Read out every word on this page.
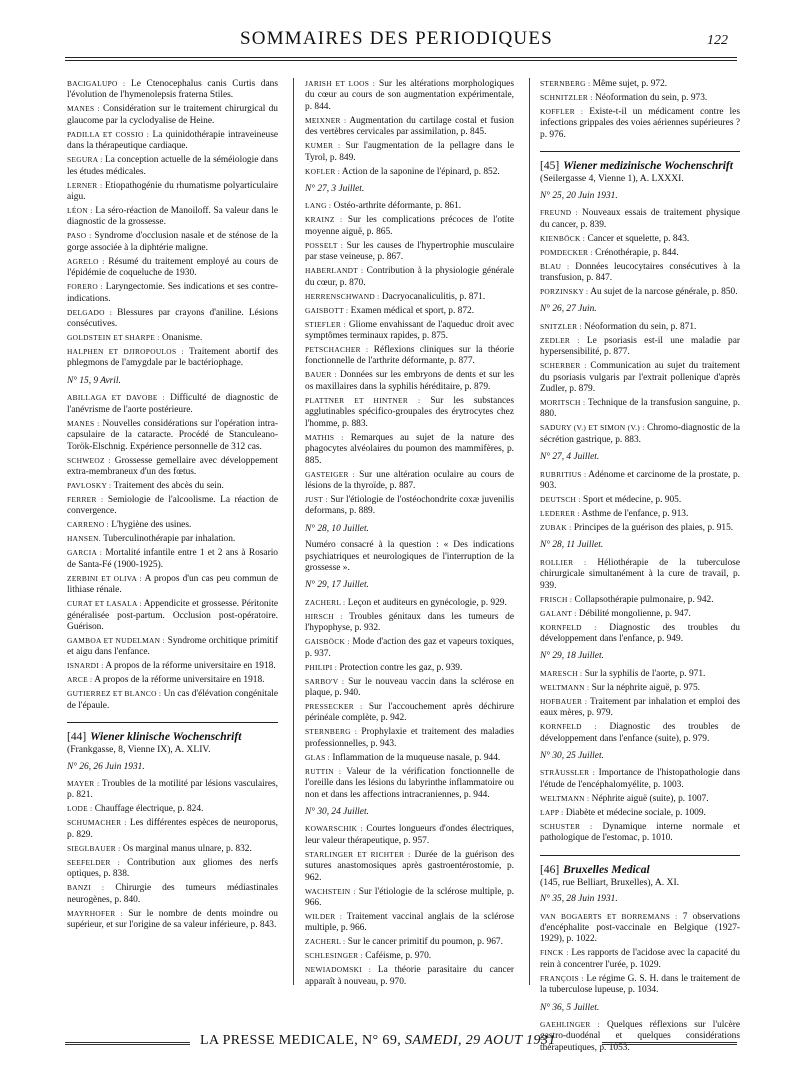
SOMMAIRES DES PERIODIQUES	122
BACIGALUPO : Le Ctenocephalus canis Curtis dans l'évolution de l'hymenolepsis fraterna Stiles.
MANES : Considération sur le traitement chirurgical du glaucome par la cyclodyalise de Heine.
PADILLA ET COSSIO : La quinidothérapie intraveineuse dans la thérapeutique cardiaque.
SEGURA : La conception actuelle de la séméiologie dans les études médicales.
LERNER : Etiopathogénie du rhumatisme polyarticulaire aigu.
LÉON : La séro-réaction de Manoiloff. Sa valeur dans le diagnostic de la grossesse.
PASO : Syndrome d'occlusion nasale et de sténose de la gorge associée à la diphtérie maligne.
AGRELO : Résumé du traitement employé au cours de l'épidémie de coqueluche de 1930.
FORERO : Laryngectomie. Ses indications et ses contre-indications.
DELGADO : Blessures par crayons d'aniline. Lésions consécutives.
GOLDSTEIN ET SHARPE : Onanisme.
HALPHEN ET DJIROPOULOS : Traitement abortif des phlegmons de l'amygdale par le bactériophage.
N° 15, 9 Avril.
ABILLAGA ET DAVOBE : Difficulté de diagnostic de l'anévrisme de l'aorte postérieure.
MANES : Nouvelles considérations sur l'opération intra-capsulaire de la cataracte. Procédé de Stanculeano-Torök-Elschnig. Expérience personnelle de 312 cas.
SCHWEOZ : Grossesse gemellaire avec développement extra-membraneux d'un des fœtus.
PAVLOSKY : Traitement des abcès du sein.
FERRER : Semiologie de l'alcoolisme. La réaction de convergence.
CARRENO : L'hygiène des usines.
HANSEN. Tuberculinothérapie par inhalation.
GARCIA : Mortalité infantile entre 1 et 2 ans à Rosario de Santa-Fé (1900-1925).
ZERBINI ET OLIVA : A propos d'un cas peu commun de lithiase rénale.
CURAT ET LASALA : Appendicite et grossesse. Péritonite généralisée post-partum. Occlusion post-opératoire. Guérison.
GAMBOA ET NUDELMAN : Syndrome orchitique primitif et aigu dans l'enfance.
ISNARDI : A propos de la réforme universitaire en 1918.
ARCE : A propos de la réforme universitaire en 1918.
GUTIERREZ ET BLANCO : Un cas d'élévation congénitale de l'épaule.
[44] Wiener klinische Wochenschrift
(Frankgasse, 8, Vienne IX), A. XLIV.
N° 26, 26 Juin 1931.
MAYER : Troubles de la motilité par lésions vasculaires, p. 821.
LODE : Chauffage électrique, p. 824.
SCHUMACHER : Les différentes espèces de neuroporus, p. 829.
SIEGLBAUER : Os marginal manus ulnare, p. 832.
SEEFELDER : Contribution aux gliomes des nerfs optiques, p. 838.
BANZI : Chirurgie des tumeurs médiastinales neurogènes, p. 840.
MAYRHOFER : Sur le nombre de dents moindre ou supérieur, et sur l'origine de sa valeur inférieure, p. 843.
JARISH ET LOOS : Sur les altérations morphologiques du cœur au cours de son augmentation expérimentale, p. 844.
MEIXNER : Augmentation du cartilage costal et fusion des vertèbres cervicales par assimilation, p. 845.
KUMER : Sur l'augmentation de la pellagre dans le Tyrol, p. 849.
KOFLER : Action de la saponine de l'épinard, p. 852.
N° 27, 3 Juillet.
LANG : Ostéo-arthrite déformante, p. 861.
KRAINZ : Sur les complications précoces de l'otite moyenne aiguë, p. 865.
POSSELT : Sur les causes de l'hypertrophie musculaire par stase veineuse, p. 867.
HABERLANDT : Contribution à la physiologie générale du cœur, p. 870.
HERRENSCHWAND : Dacryocanaliculitis, p. 871.
GAISBOTT : Examen médical et sport, p. 872.
STIEFLER : Gliome envahissant de l'aqueduc droit avec symptômes terminaux rapides, p. 875.
PETSCHACHER : Réflexions cliniques sur la théorie fonctionnelle de l'arthrite déformante, p. 877.
BAUER : Données sur les embryons de dents et sur les os maxillaires dans la syphilis héréditaire, p. 879.
PLATTNER ET HINTNER : Sur les substances agglutinables spécifico-groupales des érytrocytes chez l'homme, p. 883.
MATHIS : Remarques au sujet de la nature des phagocytes alvéolaires du poumon des mammifères, p. 885.
GASTEIGER : Sur une altération oculaire au cours de lésions de la thyroïde, p. 887.
JUST : Sur l'étiologie de l'ostéochondrite coxæ juvenilis deformans, p. 889.
N° 28, 10 Juillet.
Numéro consacré à la question : « Des indications psychiatriques et neurologiques de l'interruption de la grossesse ».
N° 29, 17 Juillet.
ZACHERL : Leçon et auditeurs en gynécologie, p. 929.
HIRSCH : Troubles génitaux dans les tumeurs de l'hypophyse, p. 932.
GAISBÖCK : Mode d'action des gaz et vapeurs toxiques, p. 937.
PHILIPI : Protection contre les gaz, p. 939.
SARBO'V : Sur le nouveau vaccin dans la sclérose en plaque, p. 940.
PRESSECKER : Sur l'accouchement après déchirure périnéale complète, p. 942.
STERNBERG : Prophylaxie et traitement des maladies professionnelles, p. 943.
GLAS : Inflammation de la muqueuse nasale, p. 944.
RUTTIN : Valeur de la vérification fonctionnelle de l'oreille dans les lésions du labyrinthe inflammatoire ou non et dans les affections intracraniennes, p. 944.
N° 30, 24 Juillet.
KOWARSCHIK : Courtes longueurs d'ondes électriques, leur valeur thérapeutique, p. 957.
STARLINGER ET RICHTER : Durée de la guérison des sutures anastomosiques après gastroentérostomie, p. 962.
WACHSTEIN : Sur l'étiologie de la sclérose multiple, p. 966.
WILDER : Traitement vaccinal anglais de la sclérose multiple, p. 966.
ZACHERL : Sur le cancer primitif du poumon, p. 967.
SCHLESINGER : Caféisme, p. 970.
NEWIADOMSKI : La théorie parasitaire du cancer apparaît à nouveau, p. 970.
STERNBERG : Même sujet, p. 972.
SCHNITZLER : Néoformation du sein, p. 973.
KOFFLER : Existe-t-il un médicament contre les infections grippales des voies aériennes supérieures ? p. 976.
[45] Wiener medizinische Wochenschrift
(Seilergasse 4, Vienne 1), A. LXXXI.
N° 25, 20 Juin 1931.
FREUND : Nouveaux essais de traitement physique du cancer, p. 839.
KIENBÖCK : Cancer et squelette, p. 843.
POMDECKER : Crénothérapie, p. 844.
BLAU : Données leucocytaires consécutives à la transfusion, p. 847.
PORZINSKY : Au sujet de la narcose générale, p. 850.
N° 26, 27 Juin.
SNITZLER : Néoformation du sein, p. 871.
ZEDLER : Le psoriasis est-il une maladie par hypersensibilité, p. 877.
SCHERBER : Communication au sujet du traitement du psoriasis vulgaris par l'extrait pollenique d'après Zudler, p. 879.
MORITSCH : Technique de la transfusion sanguine, p. 880.
SADURY (V.) ET SIMON (V.) : Chromo-diagnostic de la sécrétion gastrique, p. 883.
N° 27, 4 Juillet.
RUBRITIUS : Adénome et carcinome de la prostate, p. 903.
DEUTSCH : Sport et médecine, p. 905.
LEDERER : Asthme de l'enfance, p. 913.
ZUBAK : Principes de la guérison des plaies, p. 915.
N° 28, 11 Juillet.
ROLLIER : Héliothérapie de la tuberculose chirurgicale simultanément à la cure de travail, p. 939.
FRISCH : Collapsothérapie pulmonaire, p. 942.
GALANT : Débilité mongolienne, p. 947.
KORNFELD : Diagnostic des troubles du développement dans l'enfance, p. 949.
N° 29, 18 Juillet.
MARESCH : Sur la syphilis de l'aorte, p. 971.
WELTMANN : Sur la néphrite aiguë, p. 975.
HOFBAUER : Traitement par inhalation et emploi des eaux mères, p. 979.
KORNFELD : Diagnostic des troubles de développement dans l'enfance (suite), p. 979.
N° 30, 25 Juillet.
STRÄUSSLER : Importance de l'histopathologie dans l'étude de l'encéphalomyélite, p. 1003.
WELTMANN : Néphrite aiguë (suite), p. 1007.
LAPP : Diabète et médecine sociale, p. 1009.
SCHUSTER : Dynamique interne normale et pathologique de l'estomac, p. 1010.
[46] Bruxelles Medical
(145, rue Belliart, Bruxelles), A. XI.
N° 35, 28 Juin 1931.
VAN BOGAERTS ET BORREMANS : 7 observations d'encéphalite post-vaccinale en Belgique (1927-1929), p. 1022.
FINCK : Les rapports de l'acidose avec la capacité du rein à concentrer l'urée, p. 1029.
FRANÇOIS : Le régime G. S. H. dans le traitement de la tuberculose lupeuse, p. 1034.
N° 36, 5 Juillet.
GAEHLINGER : Quelques réflexions sur l'ulcère gastro-duodénal et quelques considérations thérapeutiques, p. 1053.
LA PRESSE MEDICALE, N° 69, SAMEDI, 29 AOUT 1931
